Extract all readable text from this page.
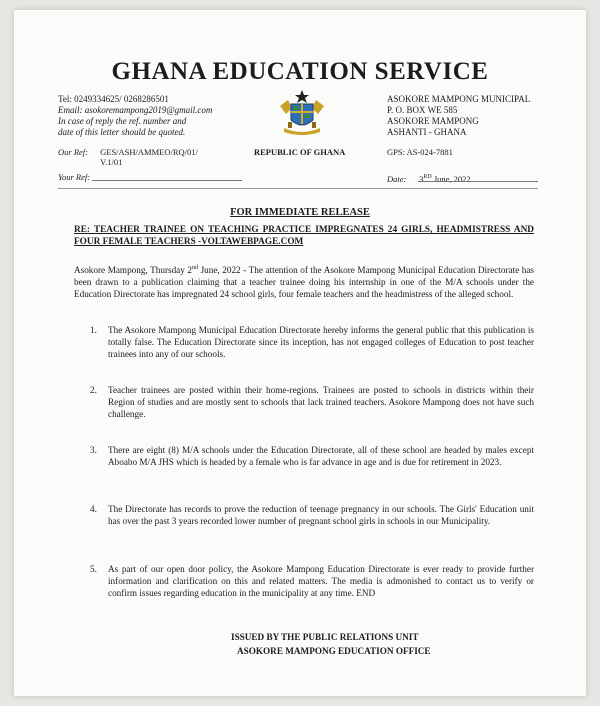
GHANA EDUCATION SERVICE
Tel: 0249334625/ 0268286501
Email: asokoremampong2019@gmail.com
In case of reply the ref. number and
date of this letter should be quoted.
ASOKORE MAMPONG MUNICIPAL
P. O. BOX WE 585
ASOKORE MAMPONG
ASHANTI - GHANA
Our Ref: GES/ASH/AMMEO/RQ/01/
V.1/01
REPUBLIC OF GHANA	GPS: AS-024-7881
Your Ref:	Date: 3RD June, 2022
FOR IMMEDIATE RELEASE
RE: TEACHER TRAINEE ON TEACHING PRACTICE IMPREGNATES 24 GIRLS, HEADMISTRESS AND FOUR FEMALE TEACHERS -VOLTAWEBPAGE.COM
Asokore Mampong, Thursday 2nd June, 2022 - The attention of the Asokore Mampong Municipal Education Directorate has been drawn to a publication claiming that a teacher trainee doing his internship in one of the M/A schools under the Education Directorate has impregnated 24 school girls, four female teachers and the headmistress of the alleged school.
1.	The Asokore Mampong Municipal Education Directorate hereby informs the general public that this publication is totally false. The Education Directorate since its inception, has not engaged colleges of Education to post teacher trainees into any of our schools.
2.	Teacher trainees are posted within their home-regions. Trainees are posted to schools in districts within their Region of studies and are mostly sent to schools that lack trained teachers. Asokore Mampong does not have such challenge.
3.	There are eight (8) M/A schools under the Education Directorate, all of these school are headed by males except Aboabo M/A JHS which is headed by a female who is far advance in age and is due for retirement in 2023.
4.	The Directorate has records to prove the reduction of teenage pregnancy in our schools. The Girls' Education unit has over the past 3 years recorded lower number of pregnant school girls in schools in our Municipality.
5.	As part of our open door policy, the Asokore Mampong Education Directorate is ever ready to provide further information and clarification on this and related matters. The media is admonished to contact us to verify or confirm issues regarding education in the municipality at any time. END
ISSUED BY THE PUBLIC RELATIONS UNIT
ASOKORE MAMPONG EDUCATION OFFICE
